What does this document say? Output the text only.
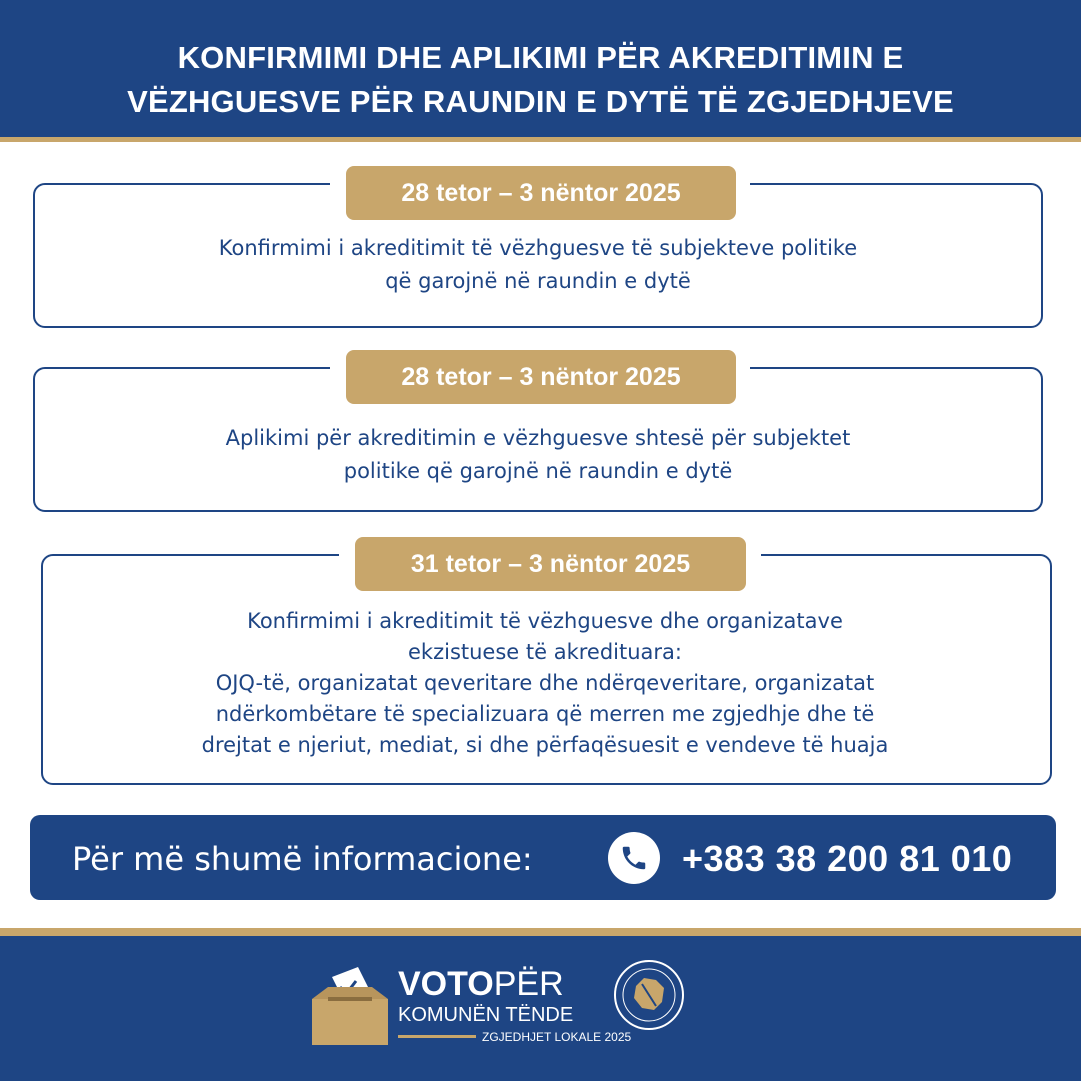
KONFIRMIMI DHE APLIKIMI PËR AKREDITIMIN E
VËZHGUESVE PËR RAUNDIN E DYTË TË ZGJEDHJEVE
28 tetor – 3 nëntor 2025
Konfirmimi i akreditimit të vëzhguesve të subjekteve politike
që garojnë në raundin e dytë
28 tetor – 3 nëntor 2025
Aplikimi për akreditimin e vëzhguesve shtesë për subjektet
politike që garojnë në raundin e dytë
31 tetor – 3 nëntor 2025
Konfirmimi i akreditimit të vëzhguesve dhe organizatave
ekzistuese të akredituara:
OJQ-të, organizatat qeveritare dhe ndërqeveritare, organizatat
ndërkombëtare të specializuara që merren me zgjedhje dhe të
drejtat e njeriut, mediat, si dhe përfaqësuesit e vendeve të huaja
Për më shumë informacione:	+383 38 200 81 010
VOTOPËR
KOMUNËN TËNDE
ZGJEDHJET LOKALE 2025
